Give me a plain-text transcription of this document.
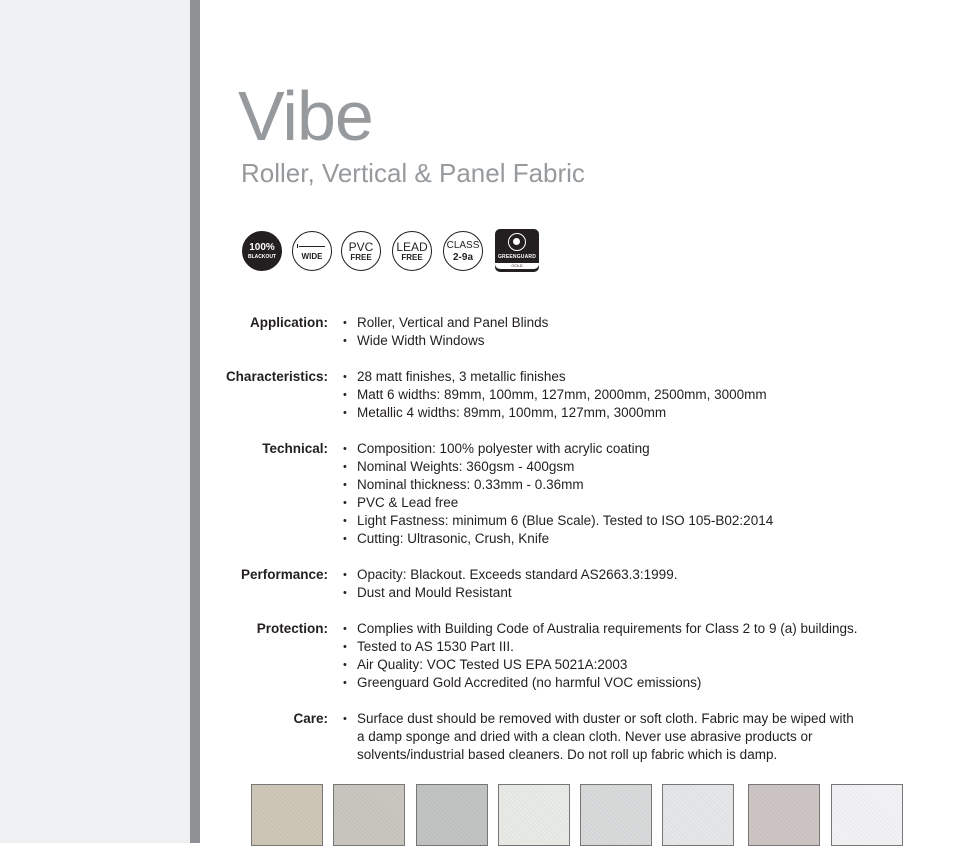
Vibe
Roller, Vertical & Panel Fabric
100%
BLACKOUT	WIDE
PVC
FREE
LEAD
FREE
CLASS
2-9a	GREENGUARD
GOLD
Application:	• Roller, Vertical and Panel Blinds
• Wide Width Windows
Characteristics:	• 28 matt finishes, 3 metallic finishes
• Matt 6 widths: 89mm, 100mm, 127mm, 2000mm, 2500mm, 3000mm
• Metallic 4 widths: 89mm, 100mm, 127mm, 3000mm
Technical:	• Composition: 100% polyester with acrylic coating
• Nominal Weights: 360gsm - 400gsm
• Nominal thickness: 0.33mm - 0.36mm
• PVC & Lead free
• Light Fastness: minimum 6 (Blue Scale). Tested to ISO 105-B02:2014
• Cutting: Ultrasonic, Crush, Knife
Performance:	• Opacity: Blackout. Exceeds standard AS2663.3:1999.
• Dust and Mould Resistant
Protection:	• Complies with Building Code of Australia requirements for Class 2 to 9 (a) buildings.
• Tested to AS 1530 Part III.
• Air Quality: VOC Tested US EPA 5021A:2003
• Greenguard Gold Accredited (no harmful VOC emissions)
Care:	• Surface dust should be removed with duster or soft cloth. Fabric may be wiped with a damp sponge and dried with a clean cloth. Never use abrasive products or solvents/industrial based cleaners. Do not roll up fabric which is damp.
